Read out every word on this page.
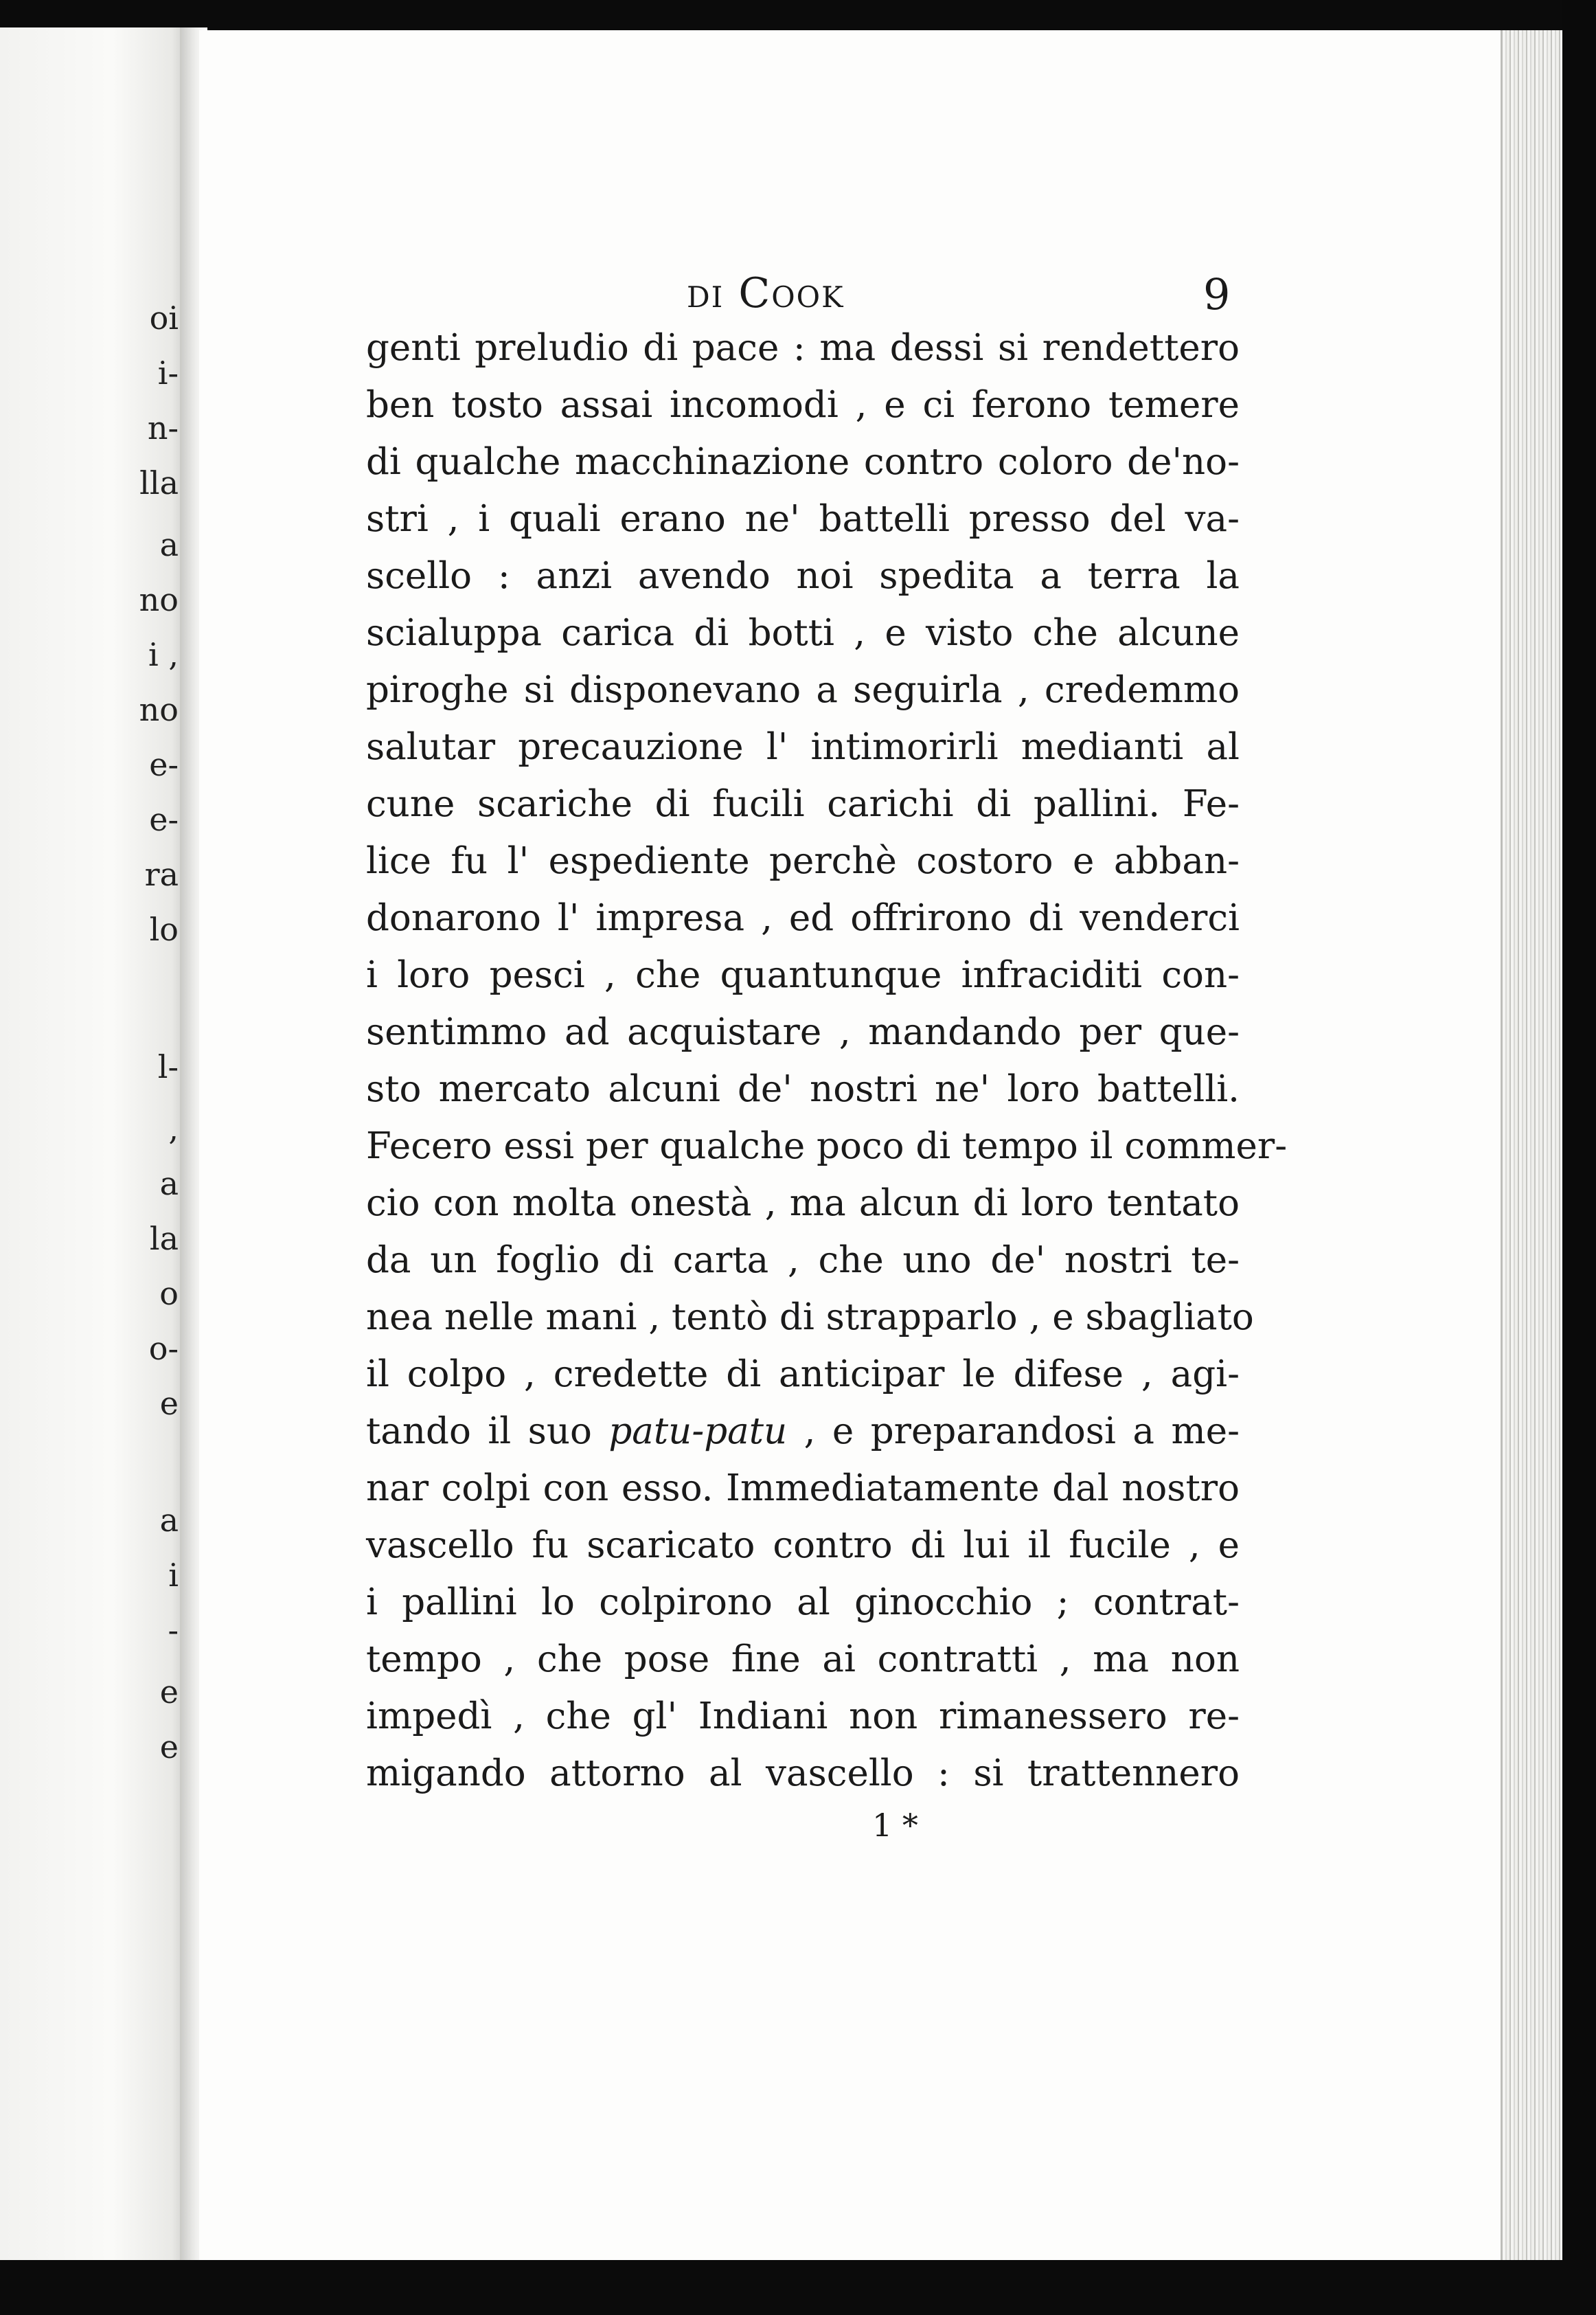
oi
i-
n-
lla
a
no
i ,
no
e-
e-
ra
lo
l-
,
a
la
o
o-
e
a
i
-
e
e
di Cook	9
genti preludio di pace : ma dessi si rendettero
ben tosto assai incomodi , e ci ferono temere
di qualche macchinazione contro coloro de'no-
stri , i quali erano ne' battelli presso del va-
scello : anzi avendo noi spedita a terra la
scialuppa carica di botti , e visto che alcune
piroghe si disponevano a seguirla , credemmo
salutar precauzione l' intimorirli medianti al
cune scariche di fucili carichi di pallini. Fe-
lice fu l' espediente perchè costoro e abban-
donarono l' impresa , ed offrirono di venderci
i loro pesci , che quantunque infraciditi con-
sentimmo ad acquistare , mandando per que-
sto mercato alcuni de' nostri ne' loro battelli.
Fecero essi per qualche poco di tempo il commer-
cio con molta onestà , ma alcun di loro tentato
da un foglio di carta , che uno de' nostri te-
nea nelle mani , tentò di strapparlo , e sbagliato
il colpo , credette di anticipar le difese , agi-
tando il suo patu-patu , e preparandosi a me-
nar colpi con esso. Immediatamente dal nostro
vascello fu scaricato contro di lui il fucile , e
i pallini lo colpirono al ginocchio ; contrat-
tempo , che pose fine ai contratti , ma non
impedì , che gl' Indiani non rimanessero re-
migando attorno al vascello : si trattennero
1 *
